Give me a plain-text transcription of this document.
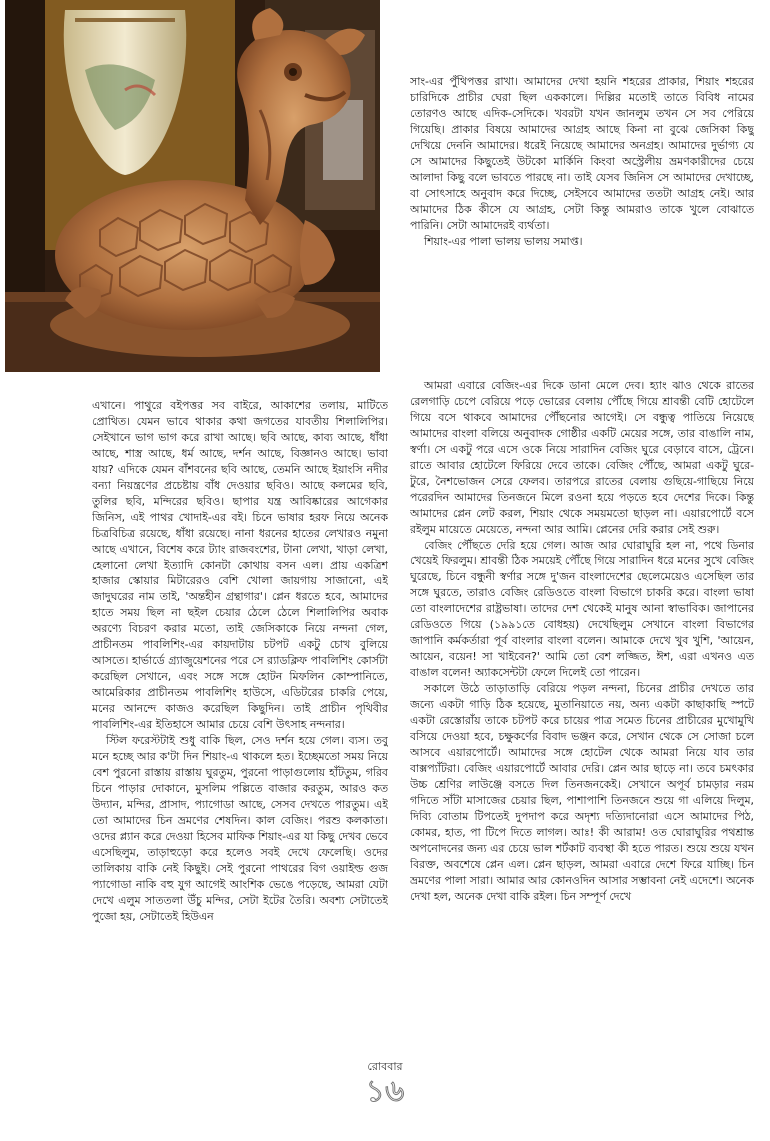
সাং-এর পুঁথিপত্তর রাখা। আমাদের দেখা হয়নি শহরের প্রাকার, শিয়াং শহরের চারিদিকে প্রাচীর ঘেরা ছিল এককালে। দিল্লির মতোই তাতে বিবিধ নামের তোরণও আছে এদিক-সেদিকে। খবরটা যখন জানলুম তখন সে সব পেরিয়ে গিয়েছি। প্রাকার বিষয়ে আমাদের আগ্রহ আছে কিনা না বুঝে জেসিকা কিছু দেখিয়ে দেননি আমাদের। ধরেই নিয়েছে আমাদের অনগ্রহ। আমাদের দুর্ভাগ্য যে সে আমাদের কিছুতেই উটকো মার্কিনি কিংবা অস্ট্রেলীয় ভ্রমণকারীদের চেয়ে আলাদা কিছু বলে ভাবতে পারছে না। তাই যেসব জিনিস সে আমাদের দেখাচ্ছে, বা সোৎসাহে অনুবাদ করে দিচ্ছে, সেইসবে আমাদের ততটা আগ্রহ নেই। আর আমাদের ঠিক কীসে যে আগ্রহ, সেটা কিন্তু আমরাও তাকে খুলে বোঝাতে পারিনি। সেটা আমাদেরই ব্যর্থতা।

শিয়াং-এর পালা ভালয় ভালয় সমাপ্ত।

এখানে। পাথুরে বইপত্তর সব বাইরে, আকাশের তলায়, মাটিতে প্রোথিত। যেমন ভাবে থাকার কথা জগতের যাবতীয় শিলালিপির। সেইখানে ভাগ ভাগ করে রাখা আছে। ছবি আছে, কাব্য আছে, ধাঁধা আছে, শাস্ত্র আছে, ধর্ম আছে, দর্শন আছে, বিজ্ঞানও আছে। ভাবা যায়? এদিকে যেমন বাঁশবনের ছবি আছে, তেমনি আছে ইয়াংসি নদীর বন্যা নিয়ন্ত্রণের প্রচেষ্টায় বাঁধ দেওয়ার ছবিও। আছে কলমের ছবি, তুলির ছবি, মন্দিরের ছবিও। ছাপার যন্ত্র আবিষ্কারের আগেকার জিনিস, এই পাথর খোদাই-এর বই। চিনে ভাষার হরফ নিয়ে অনেক চিত্রবিচিত্র রয়েছে, ধাঁধা রয়েছে। নানা ধরনের হাতের লেখারও নমুনা আছে এখানে, বিশেষ করে ট্যাং রাজবংশের, টানা লেখা, খাড়া লেখা, হেলানো লেখা ইত্যাদি কোনটা কোথায় বসন এল। প্রায় একত্রিশ হাজার স্কোয়ার মিটারেরও বেশি খোলা জায়গায় সাজানো, এই জাদুঘরের নাম তাই, 'অন্তহীন গ্রন্থাগার'। প্লেন ধরতে হবে, আমাদের হাতে সময় ছিল না ছইল চেয়ার ঠেলে ঠেলে শিলালিপির অবাক অরণ্যে বিচরণ করার মতো, তাই জেসিকাকে নিয়ে নন্দনা গেল, প্রাচীনতম পাবলিশিং-এর কায়দাটায় চটপট একটু চোখ বুলিয়ে আসতে। হার্ভার্ডে গ্র্যাজুয়েশনের পরে সে র‍্যাডক্লিফ পাবলিশিং কোর্সটা করেছিল সেখানে, এবং সঙ্গে সঙ্গে হোটন মিফলিন কোম্পানিতে, আমেরিকার প্রাচীনতম পাবলিশিং হাউসে, এডিটরের চাকরি পেয়ে, মনের আনন্দে কাজও করেছিল কিছুদিন। তাই প্রাচীন পৃথিবীর পাবলিশিং-এর ইতিহাসে আমার চেয়ে বেশি উৎসাহ নন্দনার।

স্টিল ফরেস্টটাই শুধু বাকি ছিল, সেও দর্শন হয়ে গেল। ব্যস। তবু মনে হচ্ছে আর ক'টা দিন শিয়াং-এ থাকলে হত। ইচ্ছেমতো সময় নিয়ে বেশ পুরনো রাস্তায় রাস্তায় ঘুরতুম, পুরনো পাড়াগুলোয় হাঁটতুম, গরিব চিনে পাড়ার দোকানে, মুসলিম পল্লিতে বাজার করতুম, আরও কত উদ্যান, মন্দির, প্রাসাদ, প্যাগোডা আছে, সেসব দেখতে পারতুম। এই তো আমাদের চিন ভ্রমণের শেষদিন। কাল বেজিং। পরশু কলকাতা। ওদের প্ল্যান করে দেওয়া হিসেব মাফিক শিয়াং-এর যা কিছু দেখব ভেবে এসেছিলুম, তাড়াহুড়ো করে হলেও সবই দেখে ফেলেছি। ওদের তালিকায় বাকি নেই কিছুই। সেই পুরনো পাথরের বিগ ওয়াইল্ড গুজ প্যাগোডা নাকি বহু যুগ আগেই আংশিক ভেঙে পড়েছে, আমরা যেটা দেখে এলুম সাততলা উঁচু মন্দির, সেটা ইটের তৈরি। অবশ্য সেটাতেই পুজো হয়, সেটাতেই হিউএন

আমরা এবারে বেজিং-এর দিকে ডানা মেলে দেব। হ্যাং ঝাও থেকে রাতের রেলগাড়ি চেপে বেরিয়ে পড়ে ভোরের বেলায় পৌঁছে গিয়ে শ্রাবন্তী বেটি হোটেলে গিয়ে বসে থাকবে আমাদের পৌঁছনোর আগেই। সে বন্ধুত্ব পাতিয়ে নিয়েছে আমাদের বাংলা বলিয়ে অনুবাদক গোষ্ঠীর একটি মেয়ের সঙ্গে, তার বাঙালি নাম, স্বর্ণা। সে একটু পরে এসে ওকে নিয়ে সারাদিন বেজিং ঘুরে বেড়াবে বাসে, ট্রেনে। রাতে আবার হোটেলে ফিরিয়ে দেবে তাকে। বেজিং পৌঁছে, আমরা একটু ঘুরে-টুরে, নৈশভোজন সেরে ফেলব। তারপরে রাতের বেলায় গুছিয়ে-গাছিয়ে নিয়ে পরেরদিন আমাদের তিনজনে মিলে রওনা হয়ে পড়তে হবে দেশের দিকে। কিন্তু আমাদের প্লেন লেট করল, শিয়াং থেকে সময়মতো ছাড়ল না। এয়ারপোর্টে বসে রইলুম মায়েতে মেয়েতে, নন্দনা আর আমি। প্লেনের দেরি করার সেই শুরু।

বেজিং পৌঁছতে দেরি হয়ে গেল। আজ আর ঘোরাঘুরি হল না, পথে ডিনার খেয়েই ফিরলুম। শ্রাবন্তী ঠিক সময়েই পৌঁছে গিয়ে সারাদিন ধরে মনের সুখে বেজিং ঘুরেছে, চিনে বন্ধুনী স্বর্ণার সঙ্গে দু'জন বাংলাদেশের ছেলেমেয়েও এসেছিল তার সঙ্গে ঘুরতে, তারাও বেজিং রেডিওতে বাংলা বিভাগে চাকরি করে। বাংলা ভাষা তো বাংলাদেশের রাষ্ট্রভাষা। তাদের দেশ থেকেই মানুষ আনা স্বাভাবিক। জাপানের রেডিওতে গিয়ে (১৯৯১তে বোধহয়) দেখেছিলুম সেখানে বাংলা বিভাগের জাপানি কর্মকর্তারা পূর্ব বাংলার বাংলা বলেন। আমাকে দেখে খুব খুশি, 'আয়েন, আয়েন, বয়েন! সা খাইবেন?' আমি তো বেশ লজ্জিত, ঈশ, এরা এখনও এত বাঙাল বলেন! অ্যাকসেন্টটা ফেলে দিলেই তো পারেন।

সকালে উঠে তাড়াতাড়ি বেরিয়ে পড়ল নন্দনা, চিনের প্রাচীর দেখতে তার জন্যে একটা গাড়ি ঠিক হয়েছে, মুতানিয়াতে নয়, অন্য একটা কাছাকাছি স্পটে একটা রেস্তোরাঁয় তাকে চটপট করে চায়ের পাত্র সমেত চিনের প্রাচীরের মুখোমুখি বসিয়ে দেওয়া হবে, চক্ষুকর্ণের বিবাদ ভঞ্জন করে, সেখান থেকে সে সোজা চলে আসবে এয়ারপোর্টে। আমাদের সঙ্গে হোটেল থেকে আমরা নিয়ে যাব তার বাক্সপ্যাঁটরা। বেজিং এয়ারপোর্টে আবার দেরি। প্লেন আর ছাড়ে না। তবে চমৎকার উচ্চ শ্রেণির লাউঞ্জে বসতে দিল তিনজনকেই। সেখানে অপূর্ব চামড়ার নরম গদিতে সাঁটা মাসাজের চেয়ার ছিল, পাশাপাশি তিনজনে শুয়ে গা এলিয়ে দিলুম, দিব্যি বোতাম টিপতেই দুপদাপ করে অদৃশ্য দত্যিদানোরা এসে আমাদের পিঠ, কোমর, হাত, পা টিপে দিতে লাগল। আঃ! কী আরাম! ওত ঘোরাঘুরির পথশ্রান্ত অপনোদনের জন্য এর চেয়ে ভাল শর্টকাট ব্যবস্থা কী হতে পারত। শুয়ে শুয়ে যখন বিরক্ত, অবশেষে প্লেন এল। প্লেন ছাড়ল, আমরা এবারে দেশে ফিরে যাচ্ছি। চিন ভ্রমণের পালা সারা। আমার আর কোনওদিন আসার সম্ভাবনা নেই এদেশে। অনেক দেখা হল, অনেক দেখা বাকি রইল। চিন সম্পূর্ণ দেখে

রোববার
১৬
